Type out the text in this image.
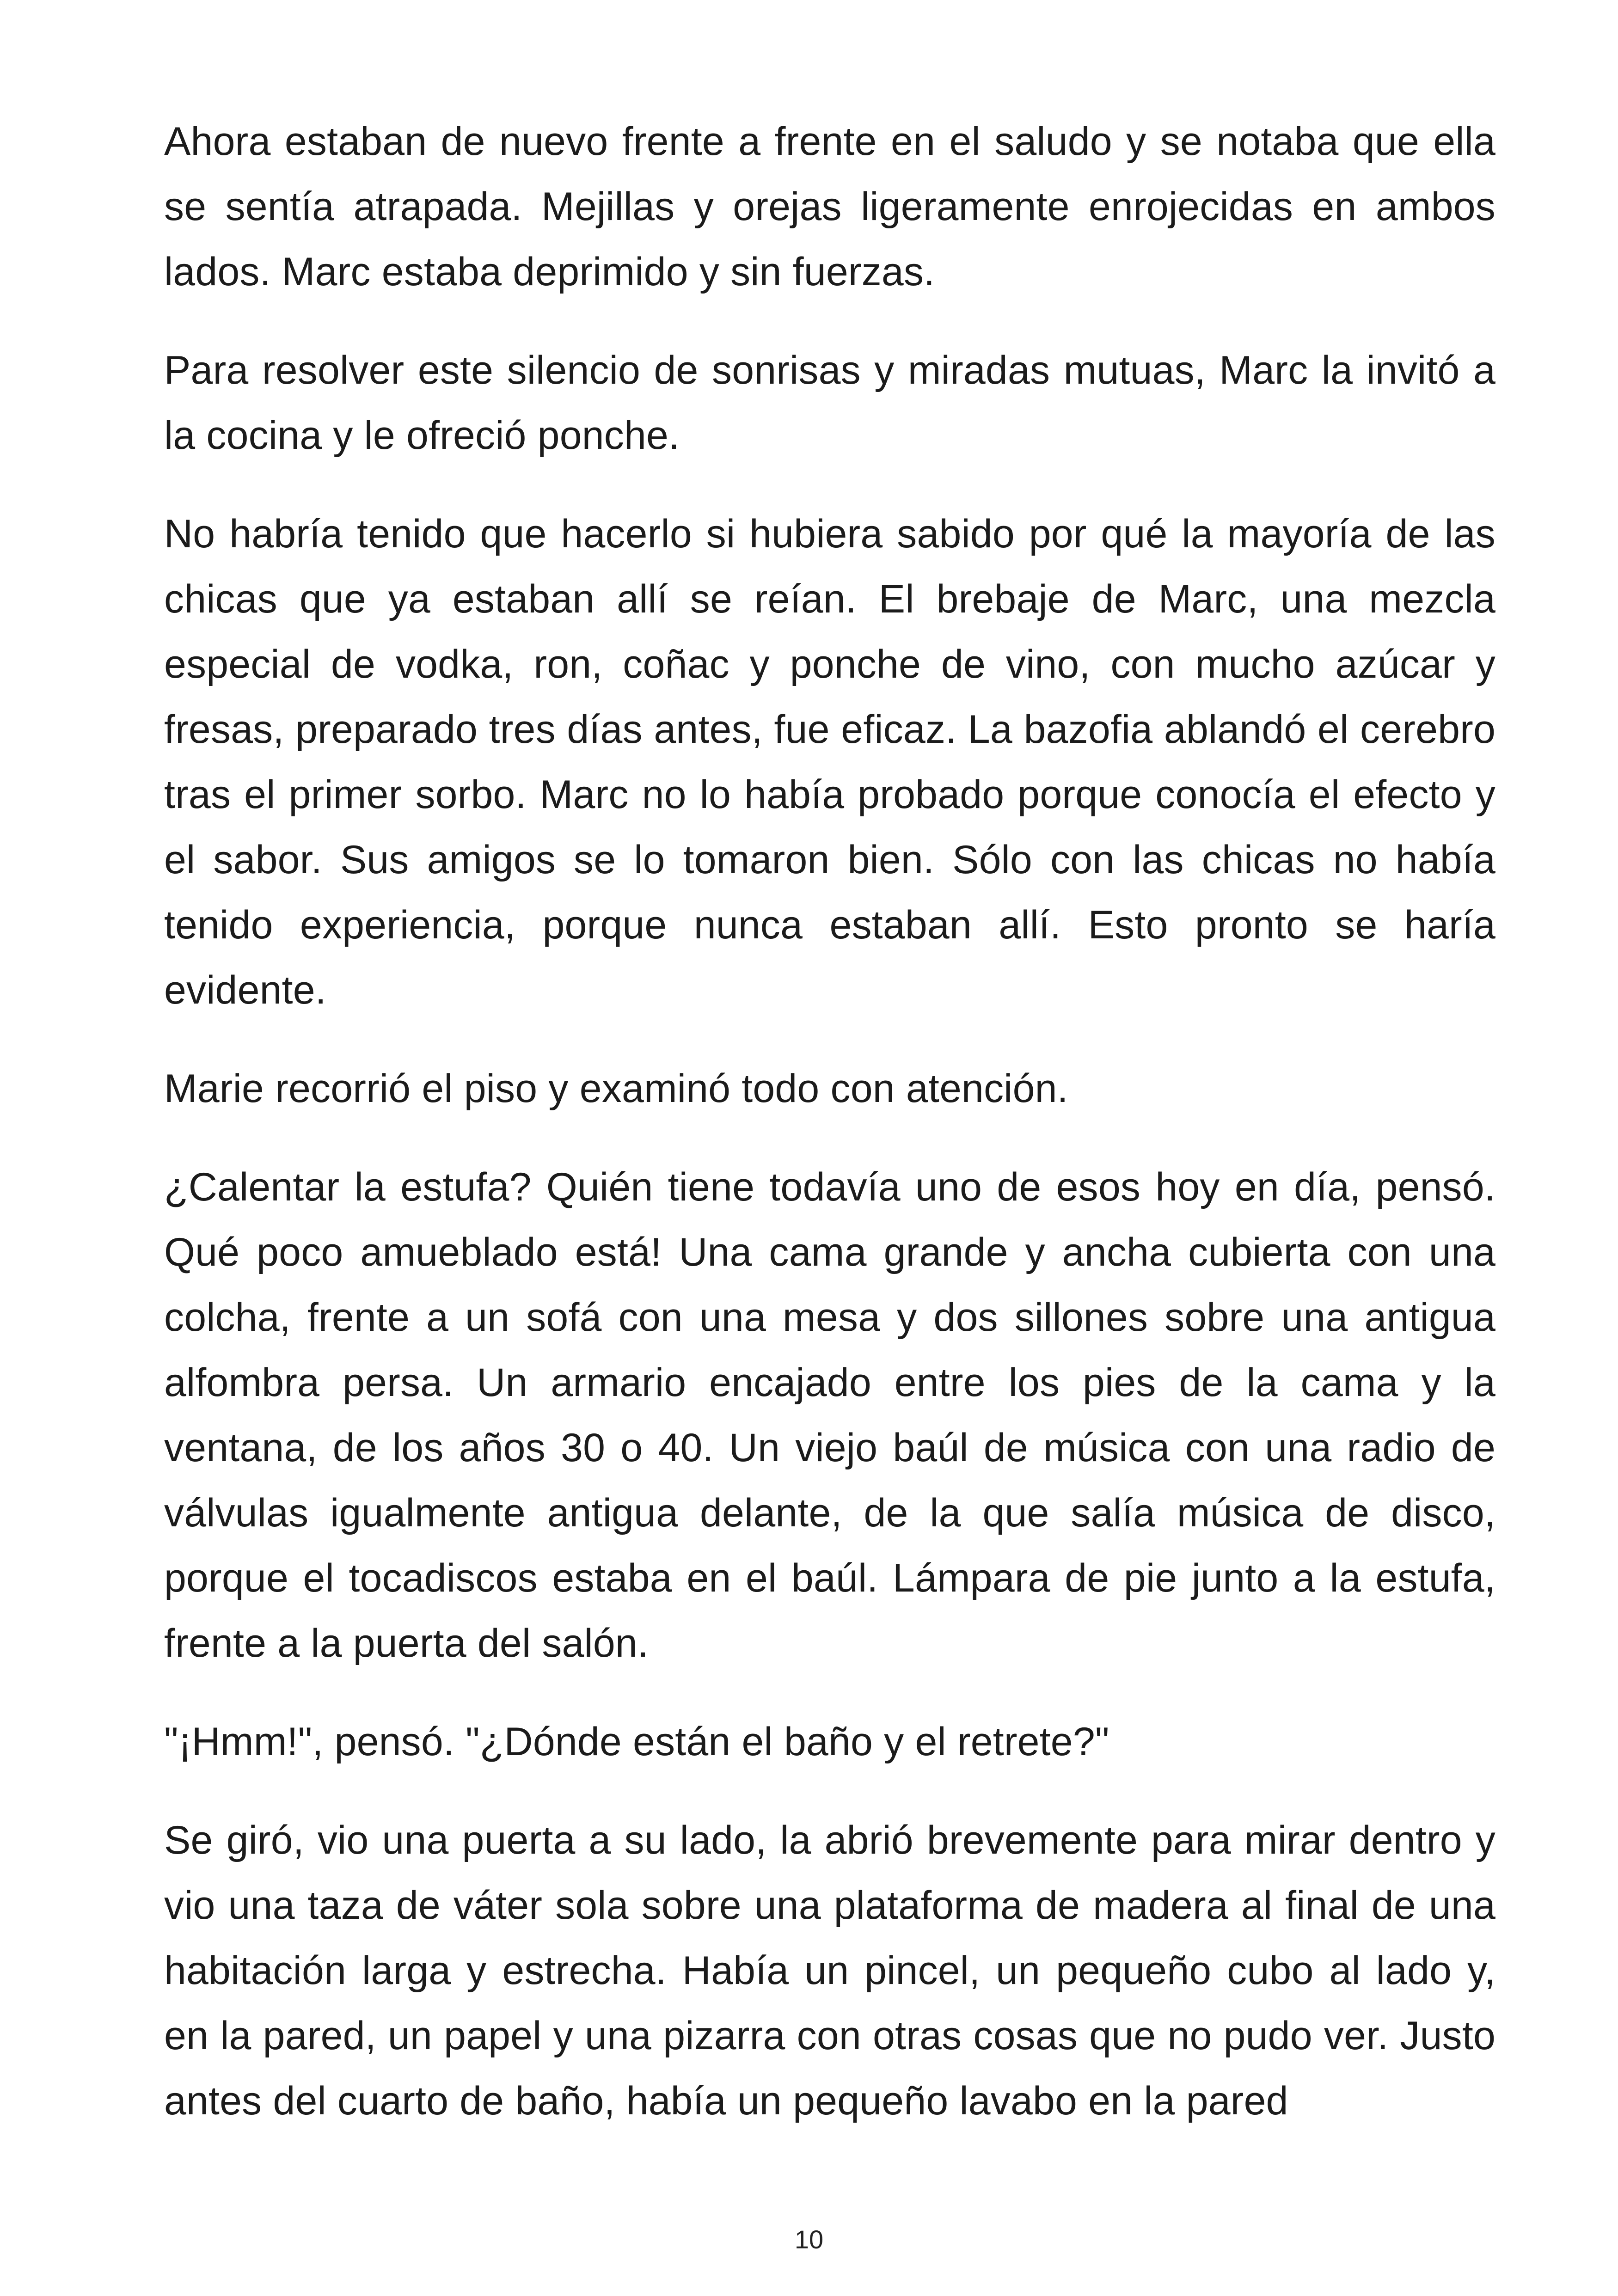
Ahora estaban de nuevo frente a frente en el saludo y se notaba que ella se sentía atrapada. Mejillas y orejas ligeramente enrojecidas en ambos lados. Marc estaba deprimido y sin fuerzas.

Para resolver este silencio de sonrisas y miradas mutuas, Marc la invitó a la cocina y le ofreció ponche.

No habría tenido que hacerlo si hubiera sabido por qué la mayoría de las chicas que ya estaban allí se reían. El brebaje de Marc, una mezcla especial de vodka, ron, coñac y ponche de vino, con mucho azúcar y fresas, preparado tres días antes, fue eficaz. La bazofia ablandó el cerebro tras el primer sorbo. Marc no lo había probado porque conocía el efecto y el sabor. Sus amigos se lo tomaron bien. Sólo con las chicas no había tenido experiencia, porque nunca estaban allí. Esto pronto se haría evidente.

Marie recorrió el piso y examinó todo con atención.

¿Calentar la estufa? Quién tiene todavía uno de esos hoy en día, pensó. Qué poco amueblado está! Una cama grande y ancha cubierta con una colcha, frente a un sofá con una mesa y dos sillones sobre una antigua alfombra persa. Un armario encajado entre los pies de la cama y la ventana, de los años 30 o 40. Un viejo baúl de música con una radio de válvulas igualmente antigua delante, de la que salía música de disco, porque el tocadiscos estaba en el baúl. Lámpara de pie junto a la estufa, frente a la puerta del salón.

"¡Hmm!", pensó. "¿Dónde están el baño y el retrete?"

Se giró, vio una puerta a su lado, la abrió brevemente para mirar dentro y vio una taza de váter sola sobre una plataforma de madera al final de una habitación larga y estrecha. Había un pincel, un pequeño cubo al lado y, en la pared, un papel y una pizarra con otras cosas que no pudo ver. Justo antes del cuarto de baño, había un pequeño lavabo en la pared

10
